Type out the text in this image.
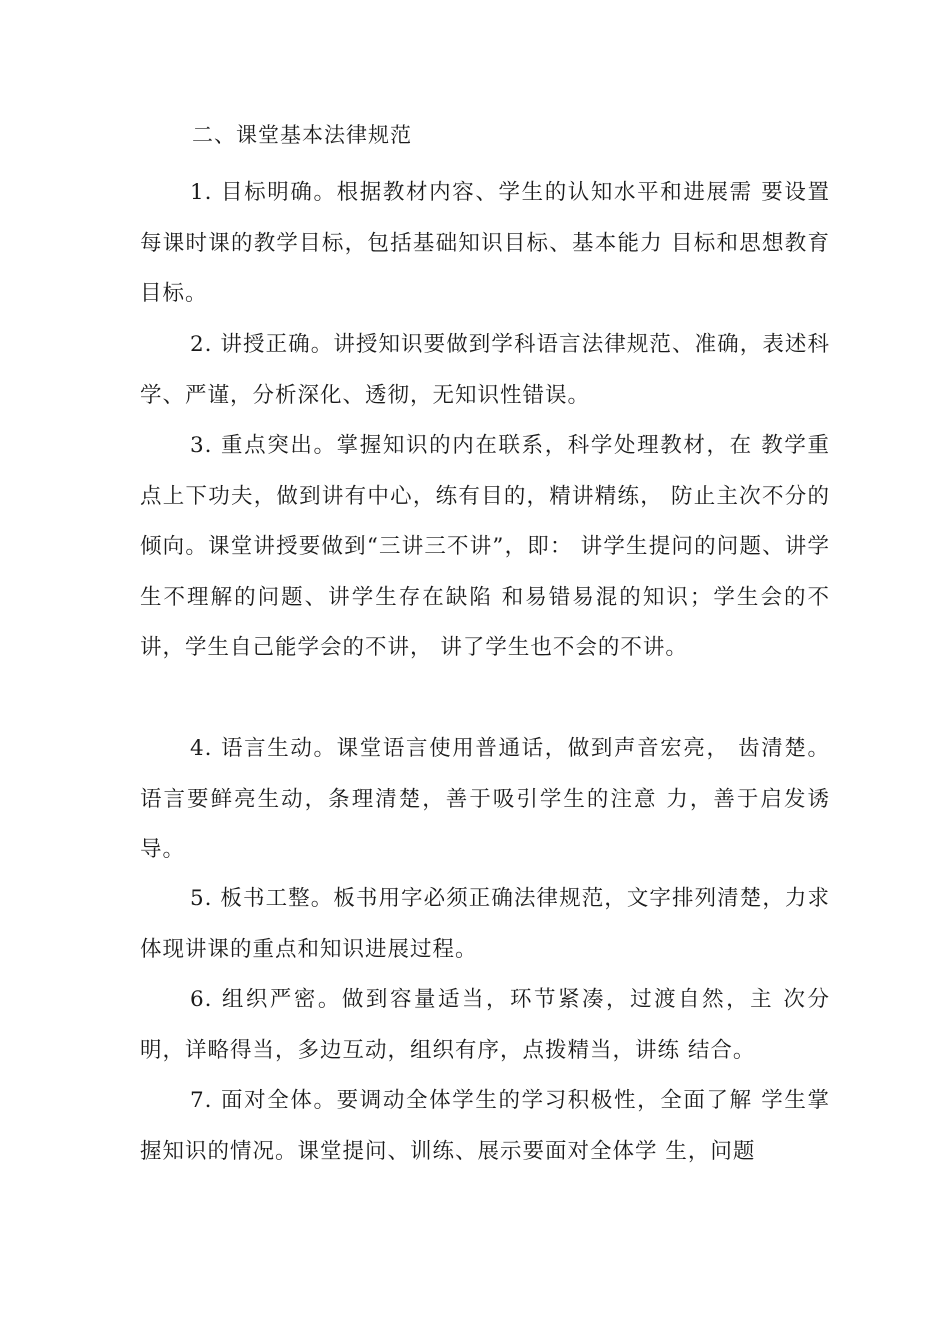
二、课堂基本法律规范

1. 目标明确。根据教材内容、学生的认知水平和进展需 要设置每课时课的教学目标，包括基础知识目标、基本能力 目标和思想教育目标。

2. 讲授正确。讲授知识要做到学科语言法律规范、准确，表述科学、严谨，分析深化、透彻，无知识性错误。

3. 重点突出。掌握知识的内在联系，科学处理教材，在 教学重点上下功夫，做到讲有中心，练有目的，精讲精练， 防止主次不分的倾向。课堂讲授要做到“三讲三不讲”，即： 讲学生提问的问题、讲学生不理解的问题、讲学生存在缺陷 和易错易混的知识；学生会的不讲，学生自己能学会的不讲， 讲了学生也不会的不讲。

4. 语言生动。课堂语言使用普通话，做到声音宏亮， 齿清楚。语言要鲜亮生动，条理清楚，善于吸引学生的注意 力，善于启发诱导。

5. 板书工整。板书用字必须正确法律规范，文字排列清楚，力求体现讲课的重点和知识进展过程。

6. 组织严密。做到容量适当，环节紧凑，过渡自然，主 次分明，详略得当，多边互动，组织有序，点拨精当，讲练 结合。

7. 面对全体。要调动全体学生的学习积极性，全面了解 学生掌握知识的情况。课堂提问、训练、展示要面对全体学 生，问题
